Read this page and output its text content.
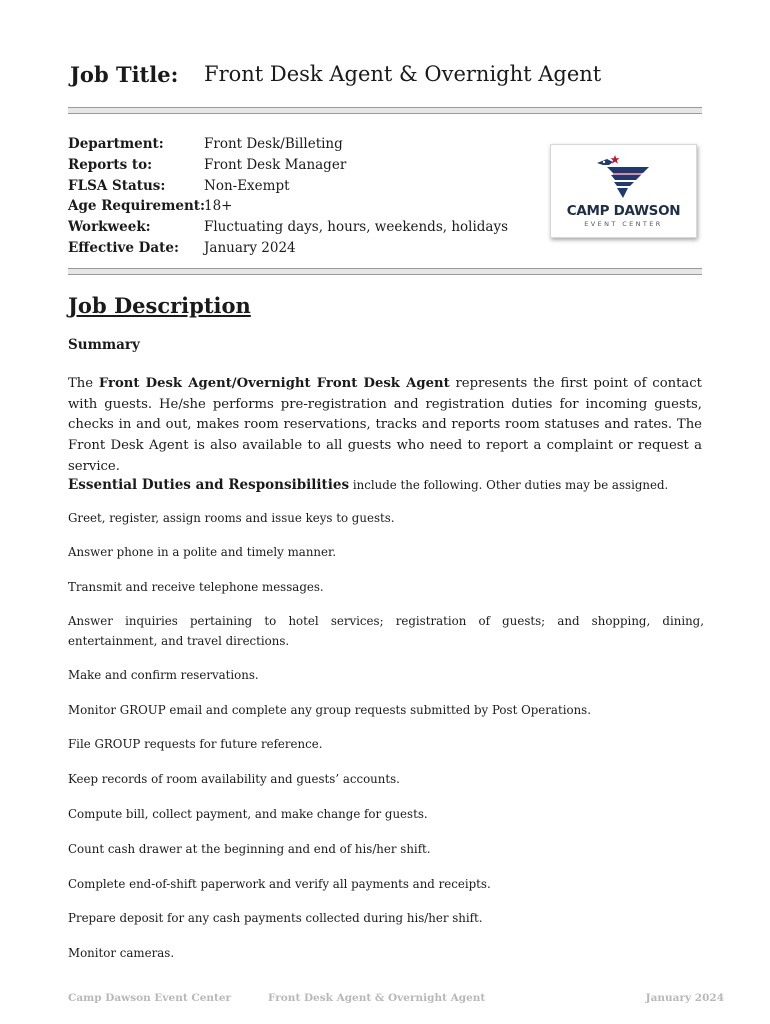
Job Title: Front Desk Agent & Overnight Agent
Department:	Front Desk/Billeting
Reports to:	Front Desk Manager
FLSA Status:	Non-Exempt
Age Requirement:
18+
Workweek:	Fluctuating days, hours, weekends, holidays
Effective Date: January 2024
CAMP DAWSON
EVENT CENTER
Job Description
Summary
The Front Desk Agent/Overnight Front Desk Agent represents the first point of contact with guests. He/she performs pre-registration and registration duties for incoming guests, checks in and out, makes room reservations, tracks and reports room statuses and rates. The Front Desk Agent is also available to all guests who need to report a complaint or request a service.
Essential Duties and Responsibilities include the following. Other duties may be assigned.
Greet, register, assign rooms and issue keys to guests.
Answer phone in a polite and timely manner.
Transmit and receive telephone messages.
Answer inquiries pertaining to hotel services; registration of guests; and shopping, dining, entertainment, and travel directions.
Make and confirm reservations.
Monitor GROUP email and complete any group requests submitted by Post Operations.
File GROUP requests for future reference.
Keep records of room availability and guests’ accounts.
Compute bill, collect payment, and make change for guests.
Count cash drawer at the beginning and end of his/her shift.
Complete end-of-shift paperwork and verify all payments and receipts.
Prepare deposit for any cash payments collected during his/her shift.
Monitor cameras.
Camp Dawson Event Center	Front Desk Agent & Overnight Agent	January 2024
